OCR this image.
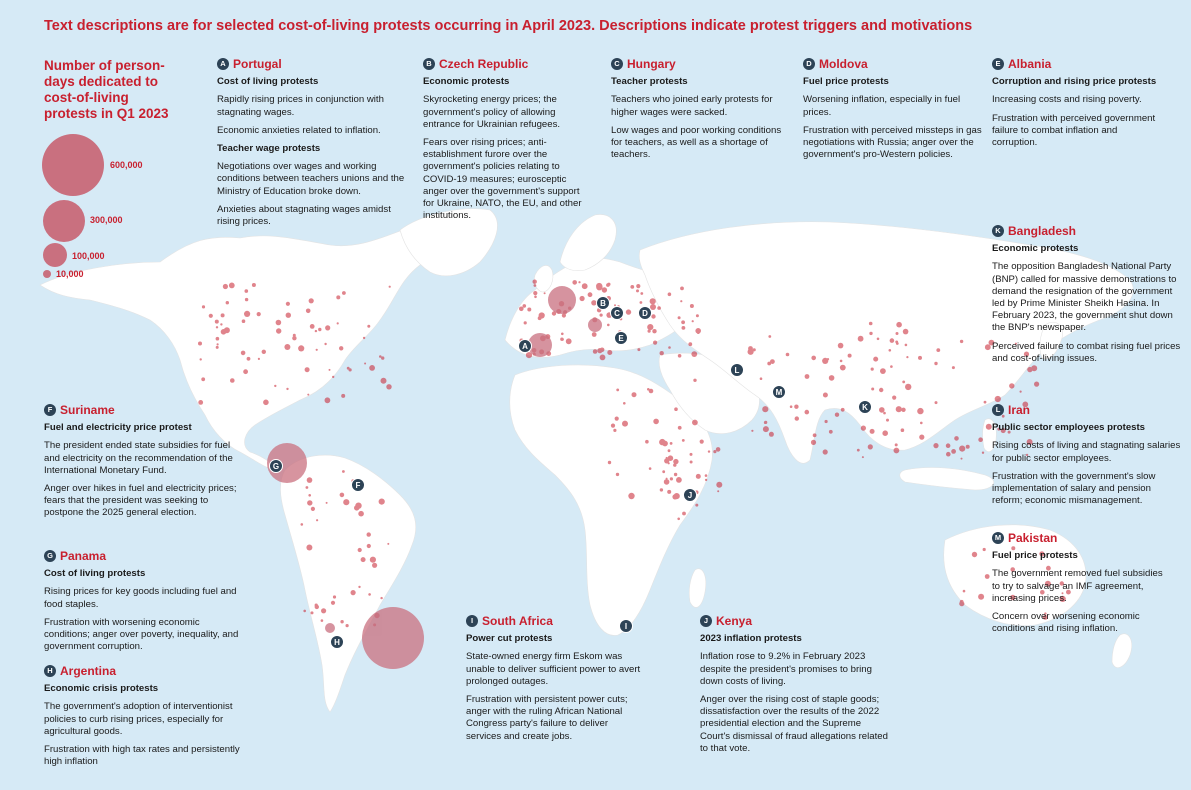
Text descriptions are for selected cost-of-living protests occurring in April 2023. Descriptions indicate protest triggers and motivations
Number of person-days dedicated to cost-of-living protests in Q1 2023
600,000
300,000
100,000
10,000
A Portugal
Cost of living protests

Rapidly rising prices in conjunction with stagnating wages.

Economic anxieties related to inflation.

Teacher wage protests

Negotiations over wages and working conditions between teachers unions and the Ministry of Education broke down.

Anxieties about stagnating wages amidst rising prices.

B Czech Republic
Economic protests

Skyrocketing energy prices; the government's policy of allowing entrance for Ukrainian refugees.

Fears over rising prices; anti-establishment furore over the government's policies relating to COVID-19 measures; eurosceptic anger over the government's support for Ukraine, NATO, the EU, and other institutions.

C Hungary
Teacher protests

Teachers who joined early protests for higher wages were sacked.

Low wages and poor working conditions for teachers, as well as a shortage of teachers.

D Moldova
Fuel price protests

Worsening inflation, especially in fuel prices.

Frustration with perceived missteps in gas negotiations with Russia; anger over the government's pro-Western policies.

E Albania
Corruption and rising price protests

Increasing costs and rising poverty.

Frustration with perceived government failure to combat inflation and corruption.

K Bangladesh
Economic protests

The opposition Bangladesh National Party (BNP) called for massive demonstrations to demand the resignation of the government led by Prime Minister Sheikh Hasina. In February 2023, the government shut down the BNP's newspaper.

Perceived failure to combat rising fuel prices and cost-of-living issues.

L Iran
Public sector employees protests

Rising costs of living and stagnating salaries for public sector employees.

Frustration with the government's slow implementation of salary and pension reform; economic mismanagement.

M Pakistan
Fuel price protests

The government removed fuel subsidies to try to salvage an IMF agreement, increasing prices.

Concern over worsening economic conditions and rising inflation.

F Suriname
Fuel and electricity price protest

The president ended state subsidies for fuel and electricity on the recommendation of the International Monetary Fund.

Anger over hikes in fuel and electricity prices; fears that the president was seeking to postpone the 2025 general election.

G Panama
Cost of living protests

Rising prices for key goods including fuel and food staples.

Frustration with worsening economic conditions; anger over poverty, inequality, and government corruption.

H Argentina
Economic crisis protests

The government's adoption of interventionist policies to curb rising prices, especially for agricultural goods.

Frustration with high tax rates and persistently high inflation

I South Africa
Power cut protests

State-owned energy firm Eskom was unable to deliver sufficient power to avert prolonged outages.

Frustration with persistent power cuts; anger with the ruling African National Congress party's failure to deliver services and create jobs.

J Kenya
2023 inflation protests

Inflation rose to 9.2% in February 2023 despite the president's promises to bring down costs of living.

Anger over the rising cost of staple goods; dissatisfaction over the results of the 2022 presidential election and the Supreme Court's dismissal of fraud allegations related to that vote.

A
B
C	D
E
F
G
H
I
J
K
L
M
